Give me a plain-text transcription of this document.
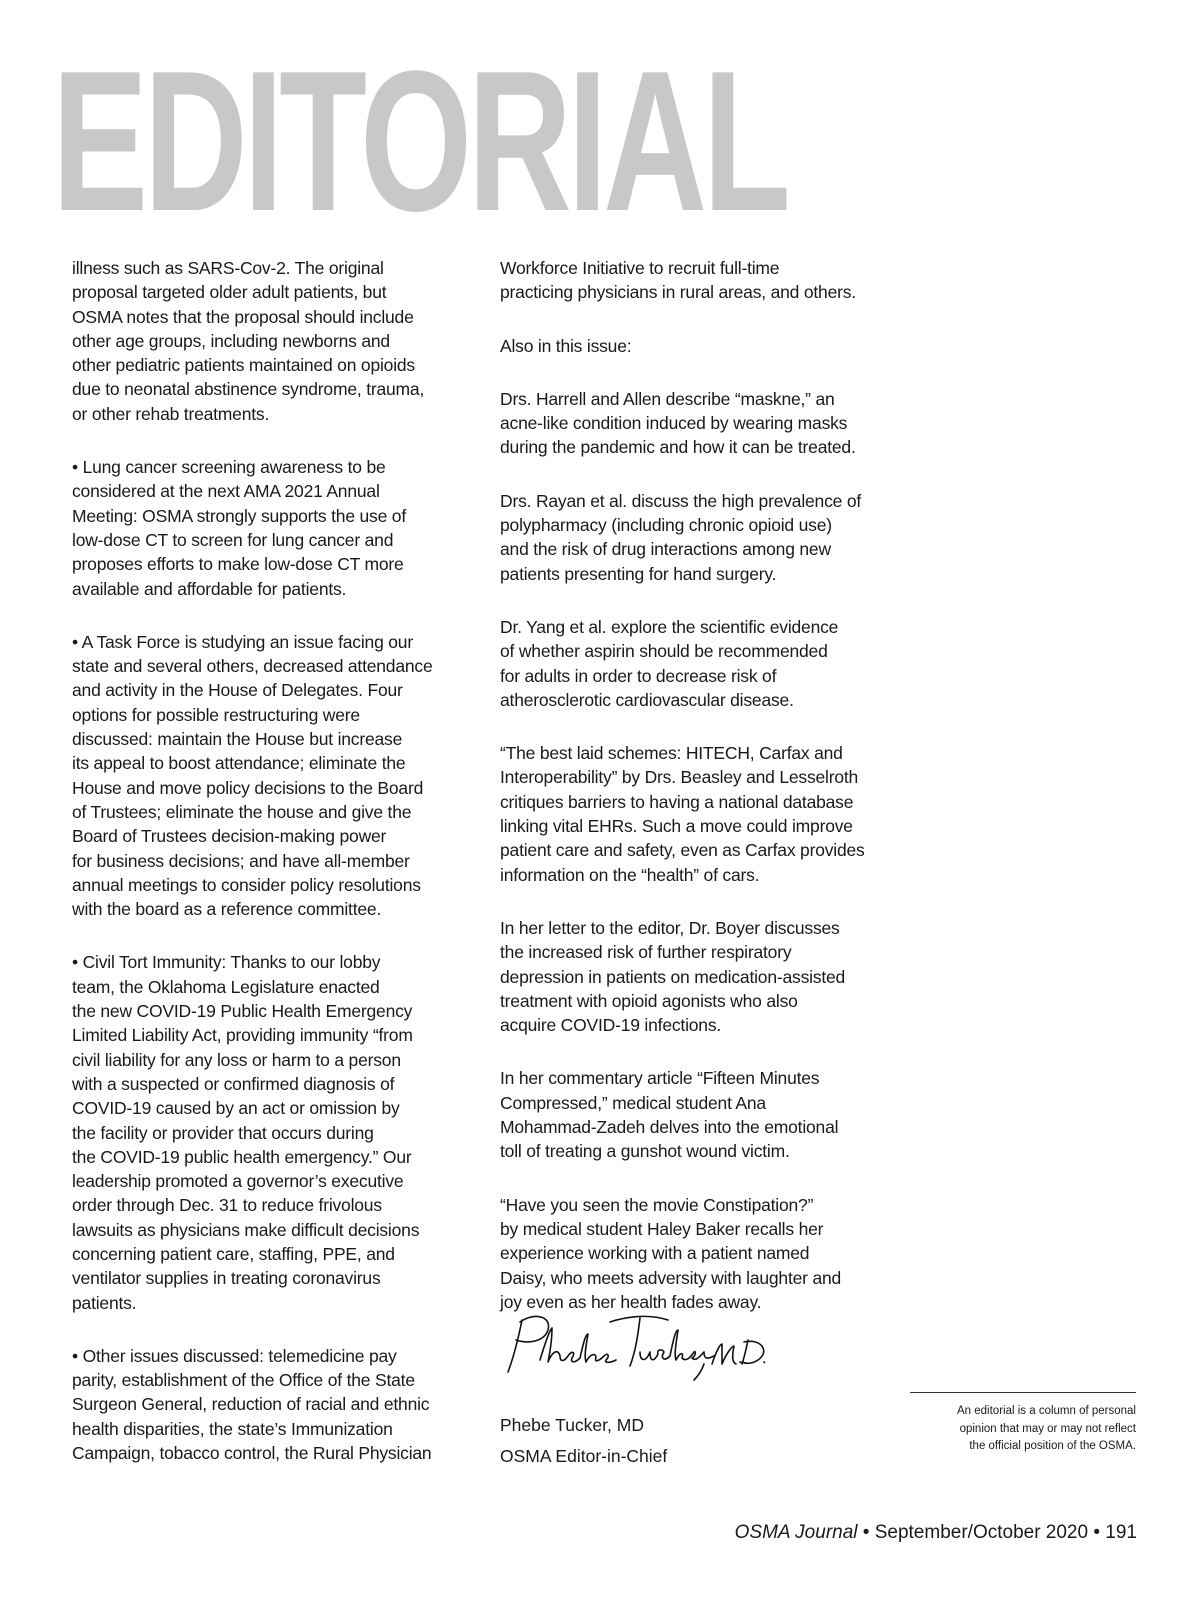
EDITORIAL

illness such as SARS-Cov-2. The original
proposal targeted older adult patients, but
OSMA notes that the proposal should include
other age groups, including newborns and
other pediatric patients maintained on opioids
due to neonatal abstinence syndrome, trauma,
or other rehab treatments.

• Lung cancer screening awareness to be
considered at the next AMA 2021 Annual
Meeting: OSMA strongly supports the use of
low-dose CT to screen for lung cancer and
proposes efforts to make low-dose CT more
available and affordable for patients.

• A Task Force is studying an issue facing our
state and several others, decreased attendance
and activity in the House of Delegates. Four
options for possible restructuring were
discussed: maintain the House but increase
its appeal to boost attendance; eliminate the
House and move policy decisions to the Board
of Trustees; eliminate the house and give the
Board of Trustees decision-making power
for business decisions; and have all-member
annual meetings to consider policy resolutions
with the board as a reference committee.

• Civil Tort Immunity: Thanks to our lobby
team, the Oklahoma Legislature enacted
the new COVID-19 Public Health Emergency
Limited Liability Act, providing immunity “from
civil liability for any loss or harm to a person
with a suspected or confirmed diagnosis of
COVID-19 caused by an act or omission by
the facility or provider that occurs during
the COVID-19 public health emergency.” Our
leadership promoted a governor’s executive
order through Dec. 31 to reduce frivolous
lawsuits as physicians make difficult decisions
concerning patient care, staffing, PPE, and
ventilator supplies in treating coronavirus
patients.

• Other issues discussed: telemedicine pay
parity, establishment of the Office of the State
Surgeon General, reduction of racial and ethnic
health disparities, the state’s Immunization
Campaign, tobacco control, the Rural Physician

Workforce Initiative to recruit full-time
practicing physicians in rural areas, and others.

Also in this issue:

Drs. Harrell and Allen describe “maskne,” an
acne-like condition induced by wearing masks
during the pandemic and how it can be treated.

Drs. Rayan et al. discuss the high prevalence of
polypharmacy (including chronic opioid use)
and the risk of drug interactions among new
patients presenting for hand surgery.

Dr. Yang et al. explore the scientific evidence
of whether aspirin should be recommended
for adults in order to decrease risk of
atherosclerotic cardiovascular disease.

“The best laid schemes: HITECH, Carfax and
Interoperability” by Drs. Beasley and Lesselroth
critiques barriers to having a national database
linking vital EHRs. Such a move could improve
patient care and safety, even as Carfax provides
information on the “health” of cars.

In her letter to the editor, Dr. Boyer discusses
the increased risk of further respiratory
depression in patients on medication-assisted
treatment with opioid agonists who also
acquire COVID-19 infections.

In her commentary article “Fifteen Minutes
Compressed,” medical student Ana
Mohammad-Zadeh delves into the emotional
toll of treating a gunshot wound victim.

“Have you seen the movie Constipation?”
by medical student Haley Baker recalls her
experience working with a patient named
Daisy, who meets adversity with laughter and
joy even as her health fades away.

Phebe Tucker, MD
OSMA Editor-in-Chief
An editorial is a column of personal
opinion that may or may not reflect
the official position of the OSMA.
OSMA Journal • September/October 2020 • 191
